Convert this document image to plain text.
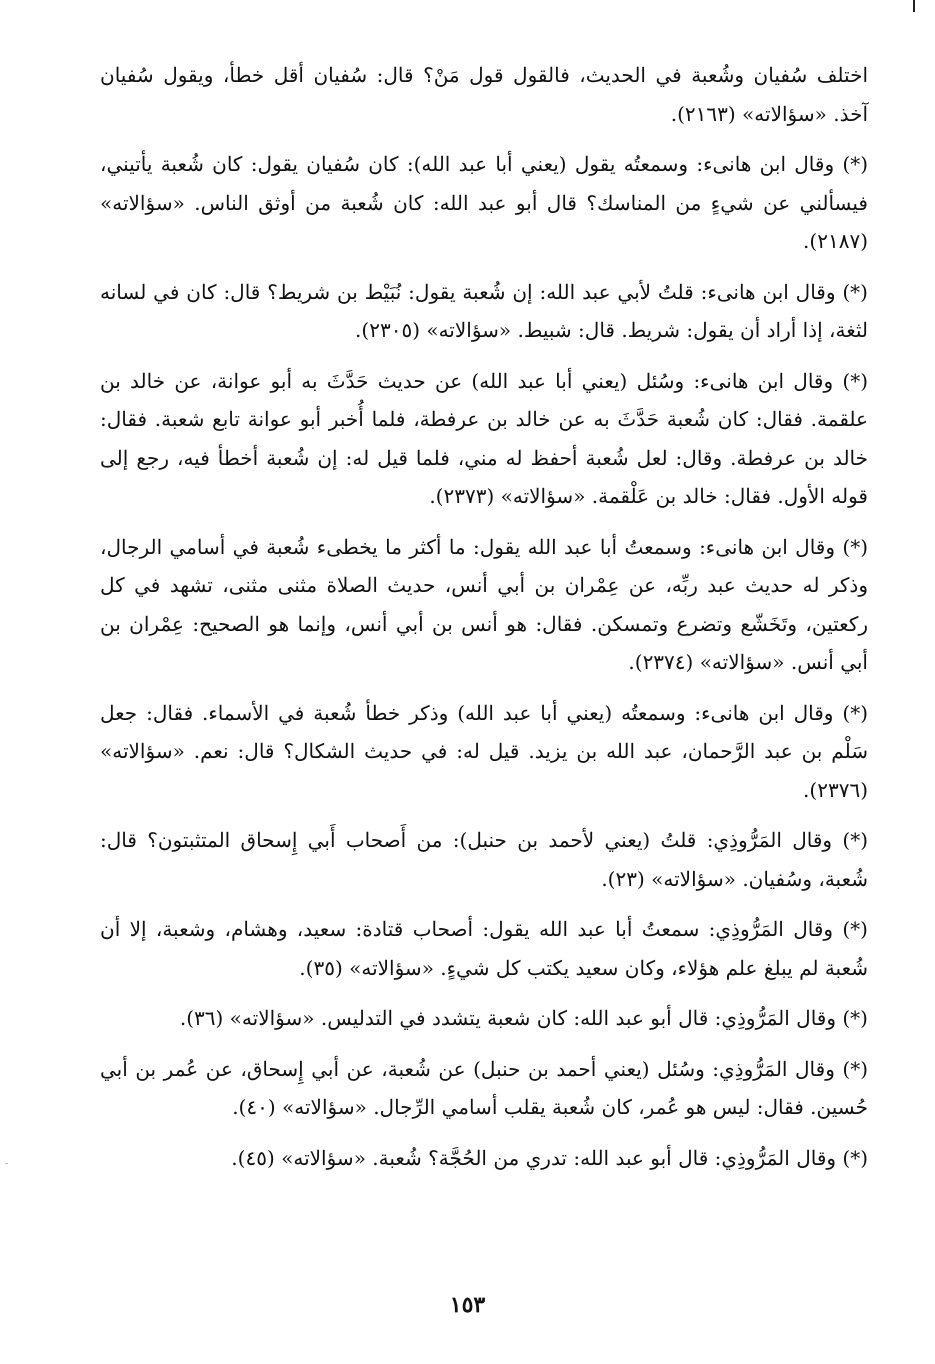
اختلف سُفيان وشُعبة في الحديث، فالقول قول مَنْ؟ قال: سُفيان أقل خطأ، ويقول سُفيان آخذ. «سؤالاته» (٢١٦٣).

(*) وقال ابن هانىء: وسمعتُه يقول (يعني أبا عبد الله): كان سُفيان يقول: كان شُعبة يأتيني، فيسألني عن شيءٍ من المناسك؟ قال أبو عبد الله: كان شُعبة من أوثق الناس. «سؤالاته» (٢١٨٧).

(*) وقال ابن هانىء: قلتُ لأبي عبد الله: إن شُعبة يقول: نُبَيْط بن شريط؟ قال: كان في لسانه لثغة، إذا أراد أن يقول: شريط. قال: شبيط. «سؤالاته» (٢٣٠٥).

(*) وقال ابن هانىء: وسُئل (يعني أبا عبد الله) عن حديث حَدَّثَ به أبو عوانة، عن خالد بن علقمة. فقال: كان شُعبة حَدَّثَ به عن خالد بن عرفطة، فلما أُخبر أبو عوانة تابع شعبة. فقال: خالد بن عرفطة. وقال: لعل شُعبة أحفظ له مني، فلما قيل له: إن شُعبة أخطأ فيه، رجع إلى قوله الأول. فقال: خالد بن عَلْقمة. «سؤالاته» (٢٣٧٣).

(*) وقال ابن هانىء: وسمعتُ أبا عبد الله يقول: ما أكثر ما يخطىء شُعبة في أسامي الرجال، وذكر له حديث عبد ربِّه، عن عِمْران بن أبي أنس، حديث الصلاة مثنى مثنى، تشهد في كل ركعتين، وتَخَشّع وتضرع وتمسكن. فقال: هو أنس بن أبي أنس، وإنما هو الصحيح: عِمْران بن أبي أنس. «سؤالاته» (٢٣٧٤).

(*) وقال ابن هانىء: وسمعتُه (يعني أبا عبد الله) وذكر خطأ شُعبة في الأسماء. فقال: جعل سَلْم بن عبد الرَّحمان، عبد الله بن يزيد. قيل له: في حديث الشكال؟ قال: نعم. «سؤالاته» (٢٣٧٦).

(*) وقال المَرُّوذِي: قلتُ (يعني لأحمد بن حنبل): من أَصحاب أَبي إِسحاق المتثبتون؟ قال: شُعبة، وسُفيان. «سؤالاته» (٢٣).

(*) وقال المَرُّوذِي: سمعتُ أبا عبد الله يقول: أصحاب قتادة: سعيد، وهشام، وشعبة، إلا أن شُعبة لم يبلغ علم هؤلاء، وكان سعيد يكتب كل شيءٍ. «سؤالاته» (٣٥).

(*) وقال المَرُّوذِي: قال أبو عبد الله: كان شعبة يتشدد في التدليس. «سؤالاته» (٣٦).

(*) وقال المَرُّوذِي: وسُئل (يعني أحمد بن حنبل) عن شُعبة، عن أبي إِسحاق، عن عُمر بن أبي حُسين. فقال: ليس هو عُمر، كان شُعبة يقلب أسامي الرِّجال. «سؤالاته» (٤٠).

(*) وقال المَرُّوذِي: قال أبو عبد الله: تدري من الحُجَّة؟ شُعبة. «سؤالاته» (٤٥).

١٥٣
